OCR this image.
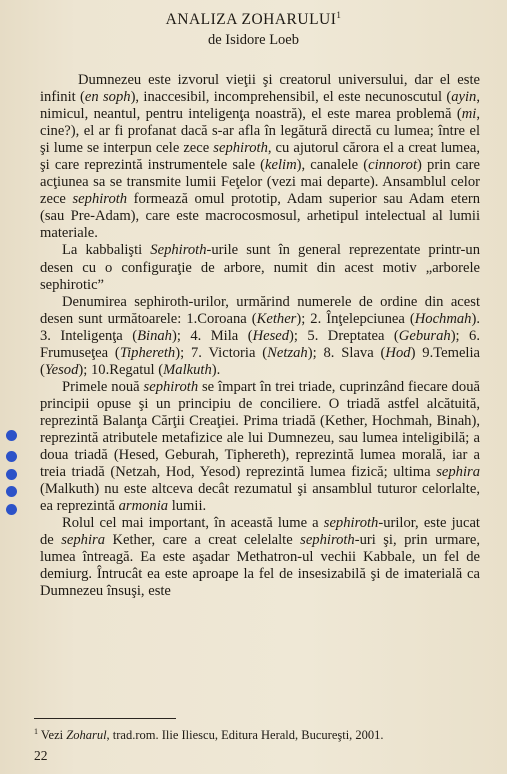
ANALIZA ZOHARULUI$^1$
de Isidore Loeb

Dumnezeu este izvorul vieţii şi creatorul universului, dar el este infinit (en soph), inaccesibil, incomprehensibil, el este necunoscutul (ayin, nimicul, neantul, pentru inteligenţa noastră), el este marea problemă (mi, cine?), el ar fi profanat dacă s-ar afla în legătură directă cu lumea; între el şi lume se interpun cele zece sephiroth, cu ajutorul cărora el a creat lumea, şi care reprezintă instrumentele sale (kelim), canalele (cinnorot) prin care acţiunea sa se transmite lumii Feţelor (vezi mai departe). Ansamblul celor zece sephiroth formează omul prototip, Adam superior sau Adam etern (sau Pre-Adam), care este macrocosmosul, arhetipul intelectual al lumii materiale.

La kabbalişti Sephiroth-urile sunt în general reprezentate printr-un desen cu o configuraţie de arbore, numit din acest motiv „arborele sephirotic”

Denumirea sephiroth-urilor, urmărind numerele de ordine din acest desen sunt următoarele: 1.Coroana (Kether); 2. Înţelepciunea (Hochmah). 3. Inteligenţa (Binah); 4. Mila (Hesed); 5. Dreptatea (Geburah); 6. Frumuseţea (Tiphereth); 7. Victoria (Netzah); 8. Slava (Hod) 9.Temelia (Yesod); 10.Regatul (Malkuth).

Primele nouă sephiroth se împart în trei triade, cuprinzând fiecare două principii opuse şi un principiu de conciliere. O triadă astfel alcătuită, reprezintă Balanţa Cărţii Creaţiei. Prima triadă (Kether, Hochmah, Binah), reprezintă atributele metafizice ale lui Dumnezeu, sau lumea inteligibilă; a doua triadă (Hesed, Geburah, Tiphereth), reprezintă lumea morală, iar a treia triadă (Netzah, Hod, Yesod) reprezintă lumea fizică; ultima sephira (Malkuth) nu este altceva decât rezumatul şi ansamblul tuturor celorlalte, ea reprezintă armonia lumii.

Rolul cel mai important, în această lume a sephiroth-urilor, este jucat de sephira Kether, care a creat celelalte sephiroth-uri şi, prin urmare, lumea întreagă. Ea este aşadar Methatron-ul vechii Kabbale, un fel de demiurg. Întrucât ea este aproape la fel de insesizabilă şi de imaterială ca Dumnezeu însuşi, este

$^1$ Vezi Zoharul, trad.rom. Ilie Iliescu, Editura Herald, Bucureşti, 2001.
22
